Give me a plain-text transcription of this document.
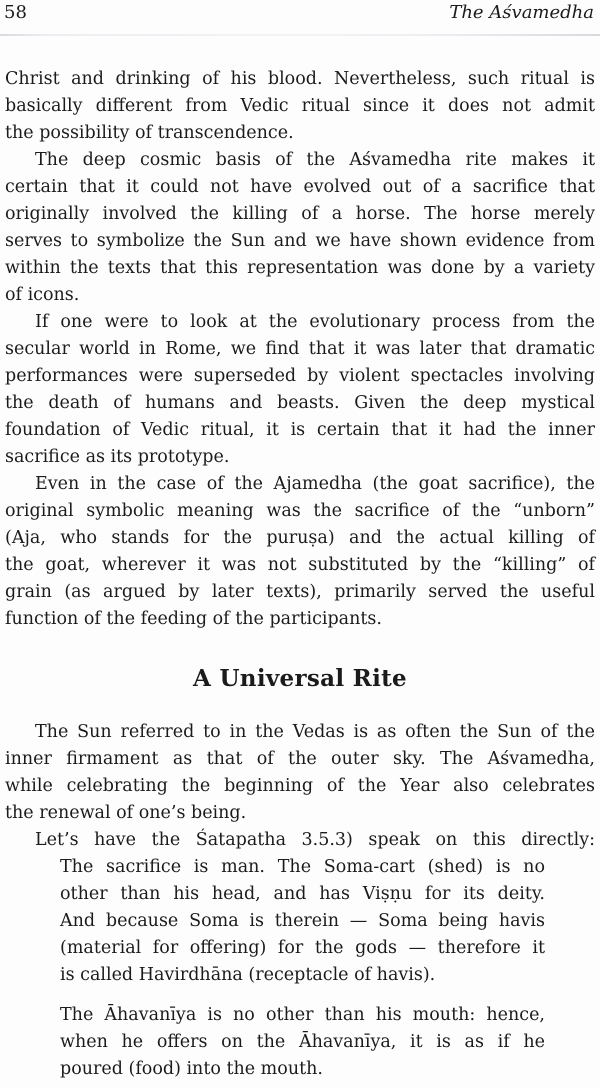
58	The Aśvamedha
Christ and drinking of his blood. Nevertheless, such ritual is
basically different from Vedic ritual since it does not admit
the possibility of transcendence.
The deep cosmic basis of the Aśvamedha rite makes it
certain that it could not have evolved out of a sacrifice that
originally involved the killing of a horse. The horse merely
serves to symbolize the Sun and we have shown evidence from
within the texts that this representation was done by a variety
of icons.
If one were to look at the evolutionary process from the
secular world in Rome, we find that it was later that dramatic
performances were superseded by violent spectacles involving
the death of humans and beasts. Given the deep mystical
foundation of Vedic ritual, it is certain that it had the inner
sacrifice as its prototype.
Even in the case of the Ajamedha (the goat sacrifice), the
original symbolic meaning was the sacrifice of the “unborn”
(Aja, who stands for the puruṣa) and the actual killing of
the goat, wherever it was not substituted by the “killing” of
grain (as argued by later texts), primarily served the useful
function of the feeding of the participants.
A Universal Rite
The Sun referred to in the Vedas is as often the Sun of the
inner firmament as that of the outer sky. The Aśvamedha,
while celebrating the beginning of the Year also celebrates
the renewal of one’s being.
Let’s have the Śatapatha 3.5.3) speak on this directly:
The sacrifice is man. The Soma-cart (shed) is no
other than his head, and has Viṣṇu for its deity.
And because Soma is therein — Soma being havis
(material for offering) for the gods — therefore it
is called Havirdhāna (receptacle of havis).
The Āhavanīya is no other than his mouth: hence,
when he offers on the Āhavanīya, it is as if he
poured (food) into the mouth.
